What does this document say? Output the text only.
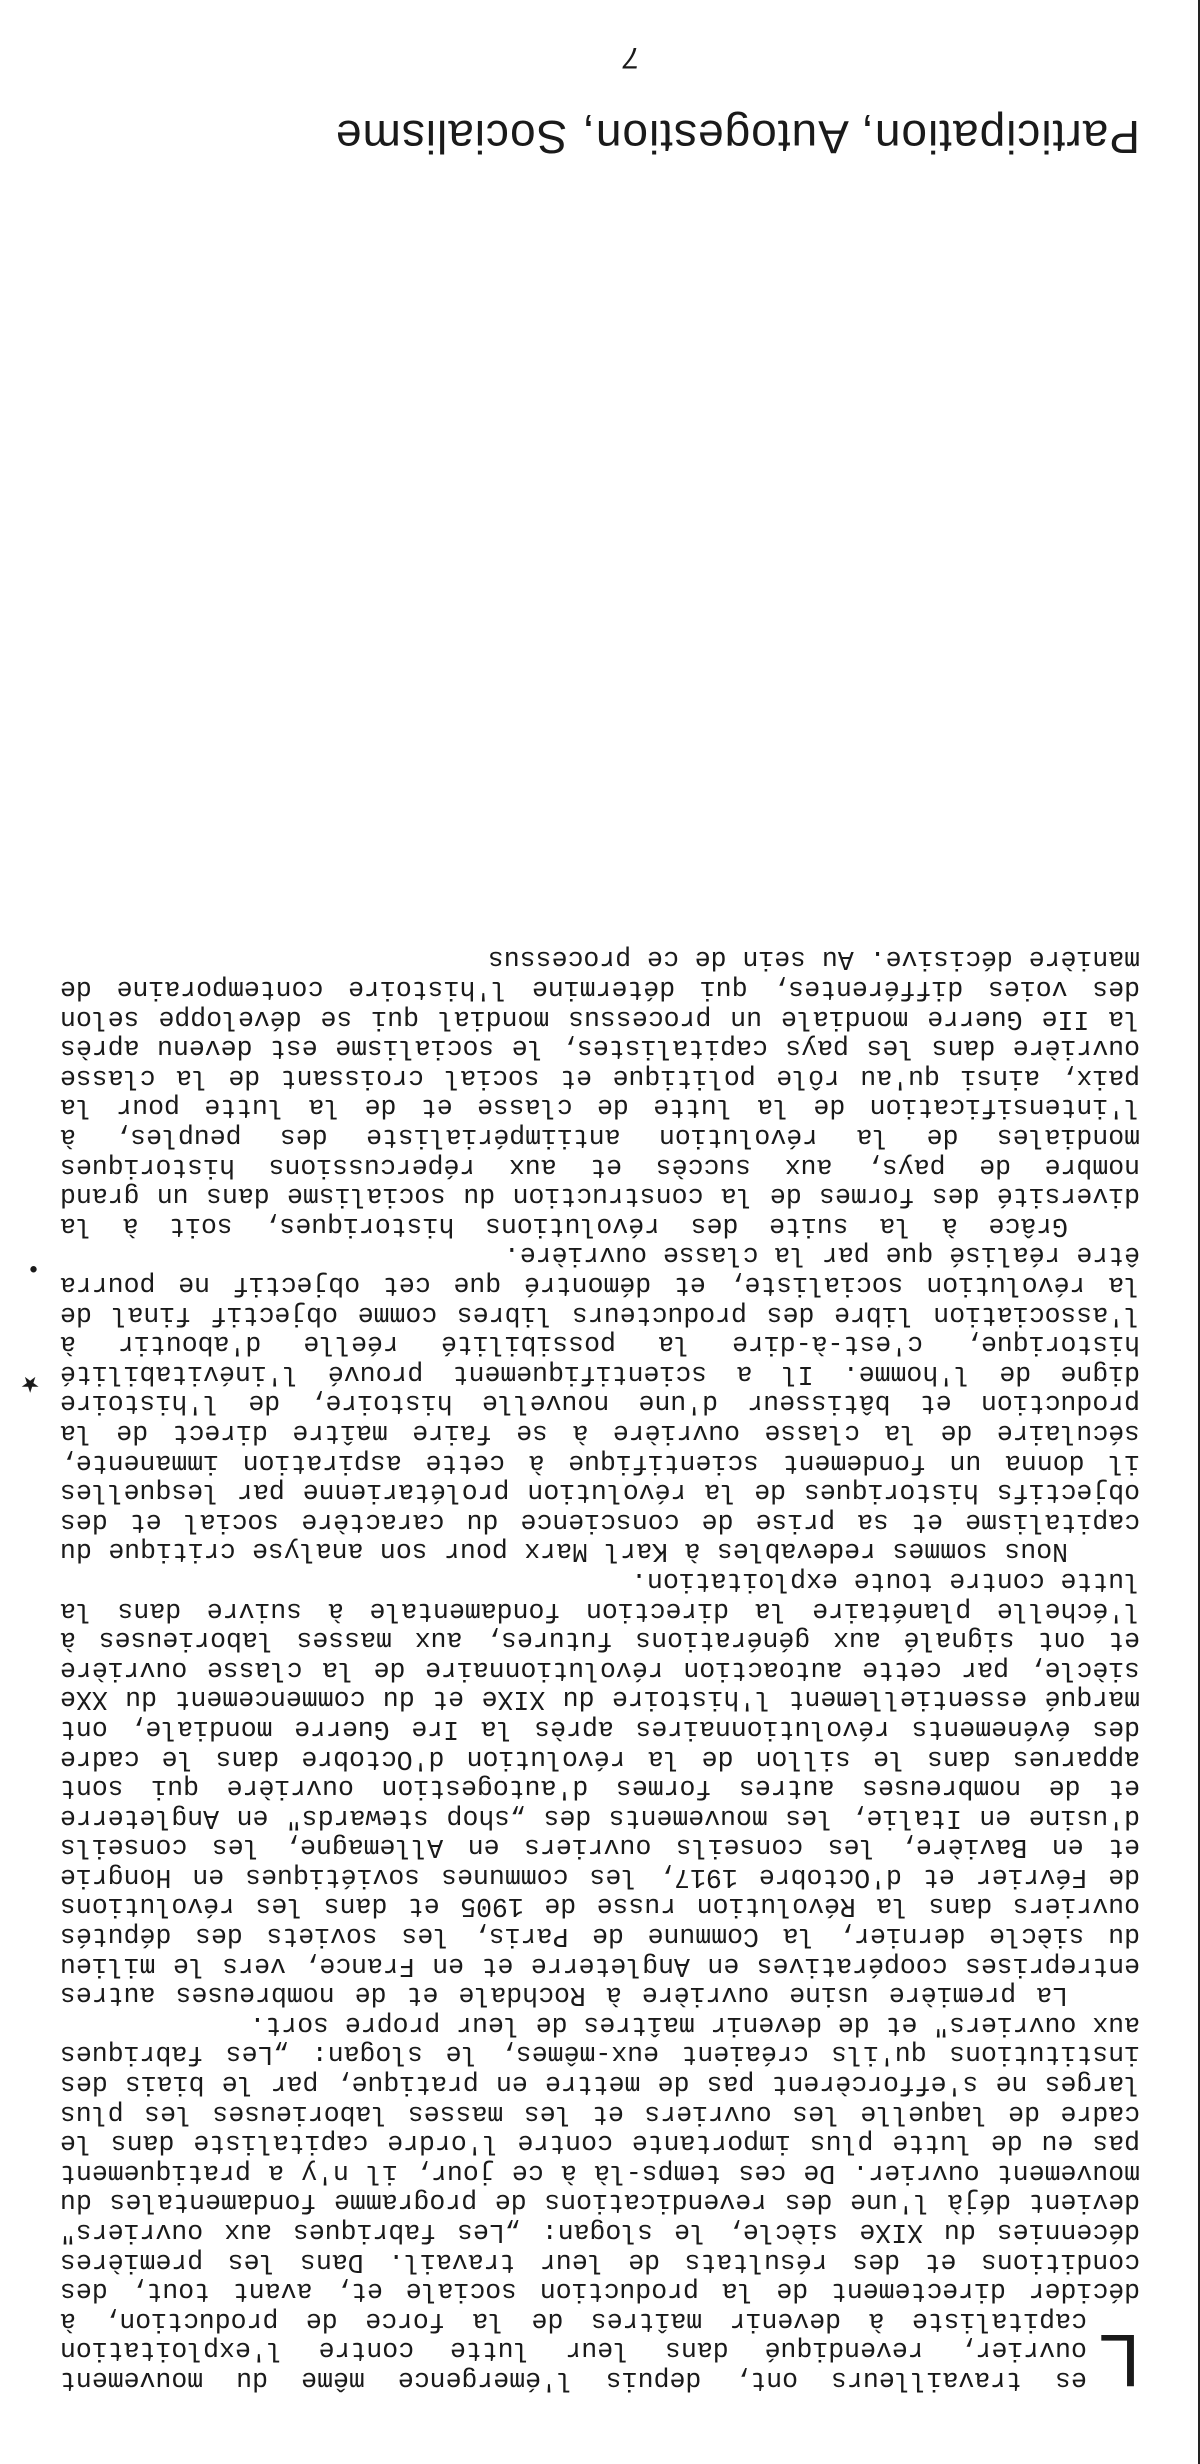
L
es travailleurs ont, depuis l'émergence même du mouvement ouvrier, revendiqué dans leur lutte contre l'exploitation capitaliste à devenir maîtres de la force de production, à décider directement de la production sociale et, avant tout, des conditions et des résultats de leur travail. Dans les premières décennies du XIXe siècle, le slogan: „Les fabriques aux ouvriers" devient déjà l'une des revendications de programme fondamentales du mouvement ouvrier. De ces temps-là à ce jour, il n'y a pratiquement pas eu de lutte plus importante contre l'ordre capitaliste dans le cadre de laquelle les ouvriers et les masses laborieuses les plus larges ne s'efforcèrent pas de mettre en pratique, par le biais des institutions qu'ils créaient eux-mêmes, le slogan: „Les fabriques aux ouvriers" et de devenir maîtres de leur propre sort.

La première usine ouvrière à Rochdale et de nombreuses autres entreprises coopératives en Angleterre et en France, vers le milieu du siècle dernier, la Commune de Paris, les soviets des députés ouvriers dans la Révolution russe de 1905 et dans les révolutions de Février et d'Octobre 1917, les communes soviétiques en Hongrie et en Bavière, les conseils ouvriers en Allemagne, les conseils d'usine en Italie, les mouvements des „shop stewards" en Angleterre et de nombreuses autres formes d'autogestion ouvrière qui sont apparues dans le sillon de la révolution d'Octobre dans le cadre des événements révolutionnaires après la Ire Guerre mondiale, ont marqué essentiellement l'histoire du XIXe et du commencement du XXe siècle, par cette autoaction révolutionnaire de la classe ouvrière et ont signalé aux générations futures, aux masses laborieuses à l'échelle planétaire la direction fondamentale à suivre dans la lutte contre toute exploitation.

Nous sommes redevables à Karl Marx pour son analyse critique du capitalisme et sa prise de conscience du caractère social et des objectifs historiques de la révolution prolétarienne par lesquelles il donna un fondement scientifique à cette aspiration immanente, séculaire de la classe ouvrière à se faire maître direct de la production et bâtisseur d'une nouvelle histoire, de l'histoire digne de l'homme. Il a scientifiquement prouvé l'inévitabilité historique, c'est-à-dire la possibilité réelle d'aboutir à l'association libre des producteurs libres comme objectif final de la révolution socialiste, et démontré que cet objectif ne pourra être réalisé que par la classe ouvrière.

Grâce à la suite des révolutions historiques, soit à la diversité des formes de la construction du socialisme dans un grand nombre de pays, aux succès et aux répercussions historiques mondiales de la révolution antiimpérialiste des peuples, à l'intensification de la lutte de classe et de la lutte pour la paix, ainsi qu'au rôle politique et social croissant de la classe ouvrière dans les pays capitalistes, le socialisme est devenu après la IIe Guerre mondiale un processus mondial qui se développe selon des voies différentes, qui détermine l'histoire contemporaine de manière décisive. Au sein de ce processus

Participation, Autogestion, Socialisme
7
★
•
